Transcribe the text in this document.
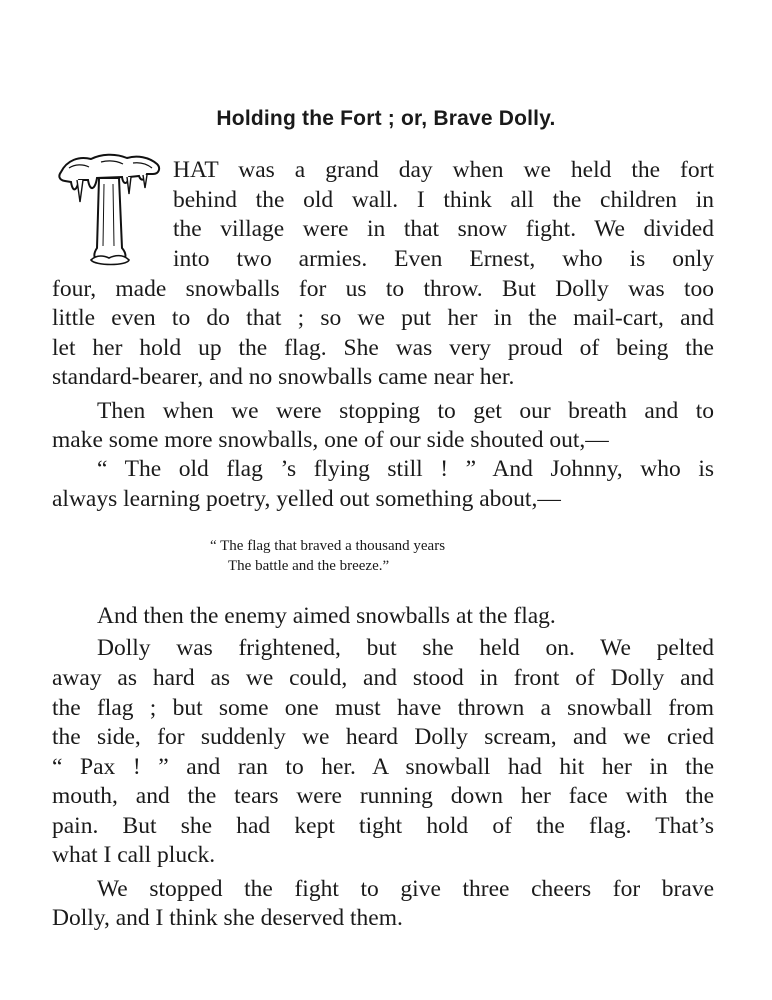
Holding the Fort ; or, Brave Dolly.
HAT was a grand day when we held the fort
behind the old wall. I think all the children in
the village were in that snow fight. We divided
into two armies. Even Ernest, who is only
four, made snowballs for us to throw. But Dolly was too
little even to do that ; so we put her in the mail-cart, and
let her hold up the flag. She was very proud of being the
standard-bearer, and no snowballs came near her.
Then when we were stopping to get our breath and to
make some more snowballs, one of our side shouted out,—
“ The old flag ’s flying still ! ” And Johnny, who is
always learning poetry, yelled out something about,—
“ The flag that braved a thousand years
The battle and the breeze.”
And then the enemy aimed snowballs at the flag.
Dolly was frightened, but she held on. We pelted
away as hard as we could, and stood in front of Dolly and
the flag ; but some one must have thrown a snowball from
the side, for suddenly we heard Dolly scream, and we cried
“ Pax ! ” and ran to her. A snowball had hit her in the
mouth, and the tears were running down her face with the
pain. But she had kept tight hold of the flag. That’s
what I call pluck.
We stopped the fight to give three cheers for brave
Dolly, and I think she deserved them.
